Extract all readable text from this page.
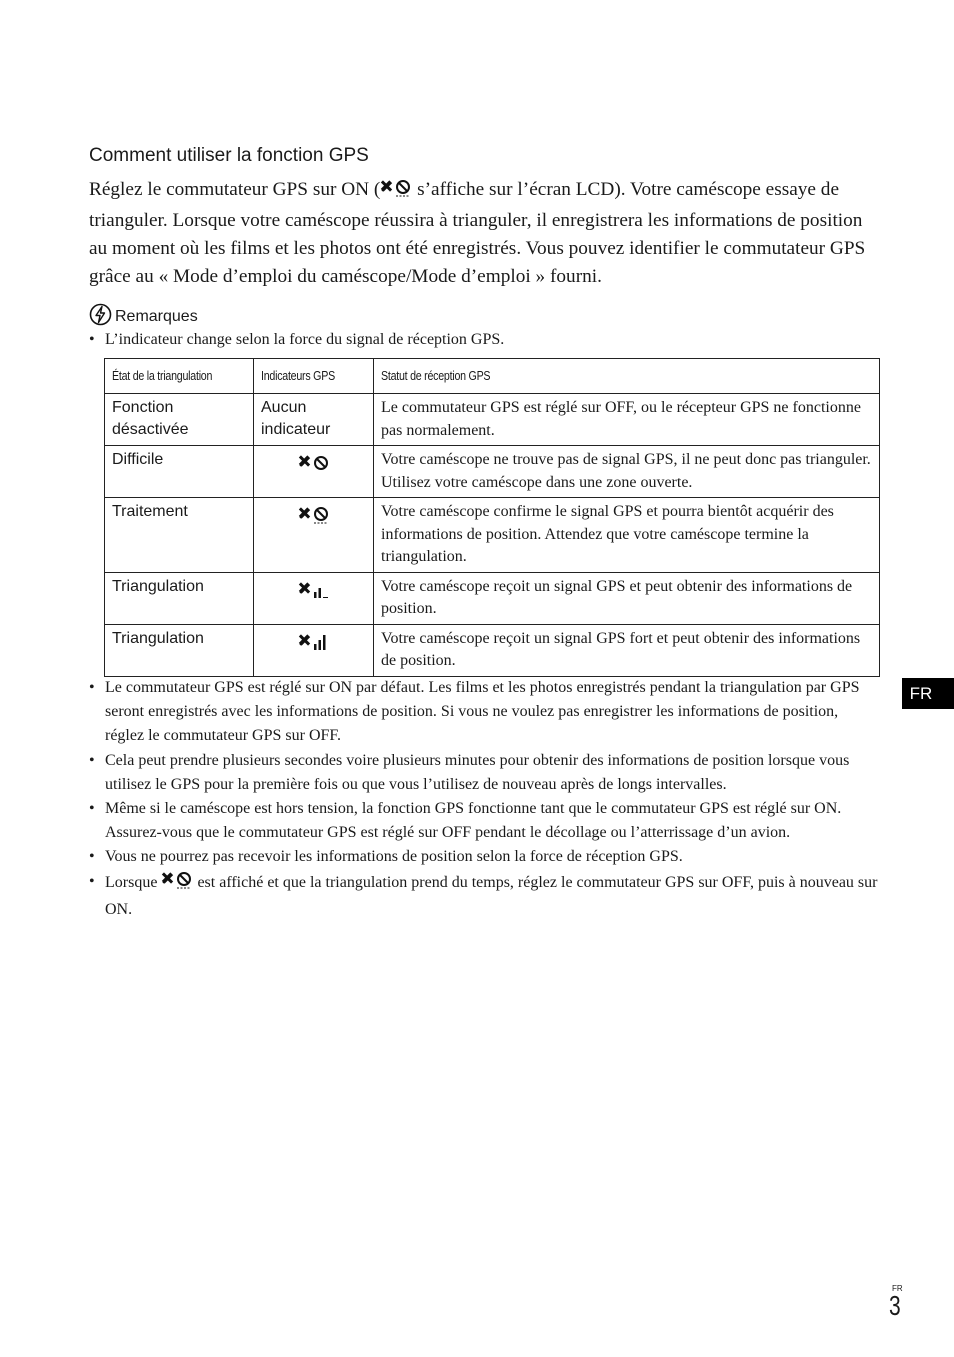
Comment utiliser la fonction GPS

Réglez le commutateur GPS sur ON ( s’affiche sur l’écran LCD). Votre caméscope essaye de trianguler. Lorsque votre caméscope réussira à trianguler, il enregistrera les informations de position au moment où les films et les photos ont été enregistrés. Vous pouvez identifier le commutateur GPS grâce au « Mode d’emploi du caméscope/Mode d’emploi » fourni.

Remarques
• L’indicateur change selon la force du signal de réception GPS.
État de la triangulation	Indicateurs GPS	Statut de réception GPS
Fonction désactivée	Aucun indicateur	Le commutateur GPS est réglé sur OFF, ou le récepteur GPS ne fonctionne pas normalement.
Difficile		Votre caméscope ne trouve pas de signal GPS, il ne peut donc pas trianguler. Utilisez votre caméscope dans une zone ouverte.
Traitement		Votre caméscope confirme le signal GPS et pourra bientôt acquérir des informations de position. Attendez que votre caméscope termine la triangulation.
Triangulation		Votre caméscope reçoit un signal GPS et peut obtenir des informations de position.
Triangulation		Votre caméscope reçoit un signal GPS fort et peut obtenir des informations de position.
• Le commutateur GPS est réglé sur ON par défaut. Les films et les photos enregistrés pendant la triangulation par GPS seront enregistrés avec les informations de position. Si vous ne voulez pas enregistrer les informations de position, réglez le commutateur GPS sur OFF.
• Cela peut prendre plusieurs secondes voire plusieurs minutes pour obtenir des informations de position lorsque vous utilisez le GPS pour la première fois ou que vous l’utilisez de nouveau après de longs intervalles.
• Même si le caméscope est hors tension, la fonction GPS fonctionne tant que le commutateur GPS est réglé sur ON. Assurez-vous que le commutateur GPS est réglé sur OFF pendant le décollage ou l’atterrissage d’un avion.
• Vous ne pourrez pas recevoir les informations de position selon la force de réception GPS.
• Lorsque  est affiché et que la triangulation prend du temps, réglez le commutateur GPS sur OFF, puis à nouveau sur ON.
FR
FR
3
